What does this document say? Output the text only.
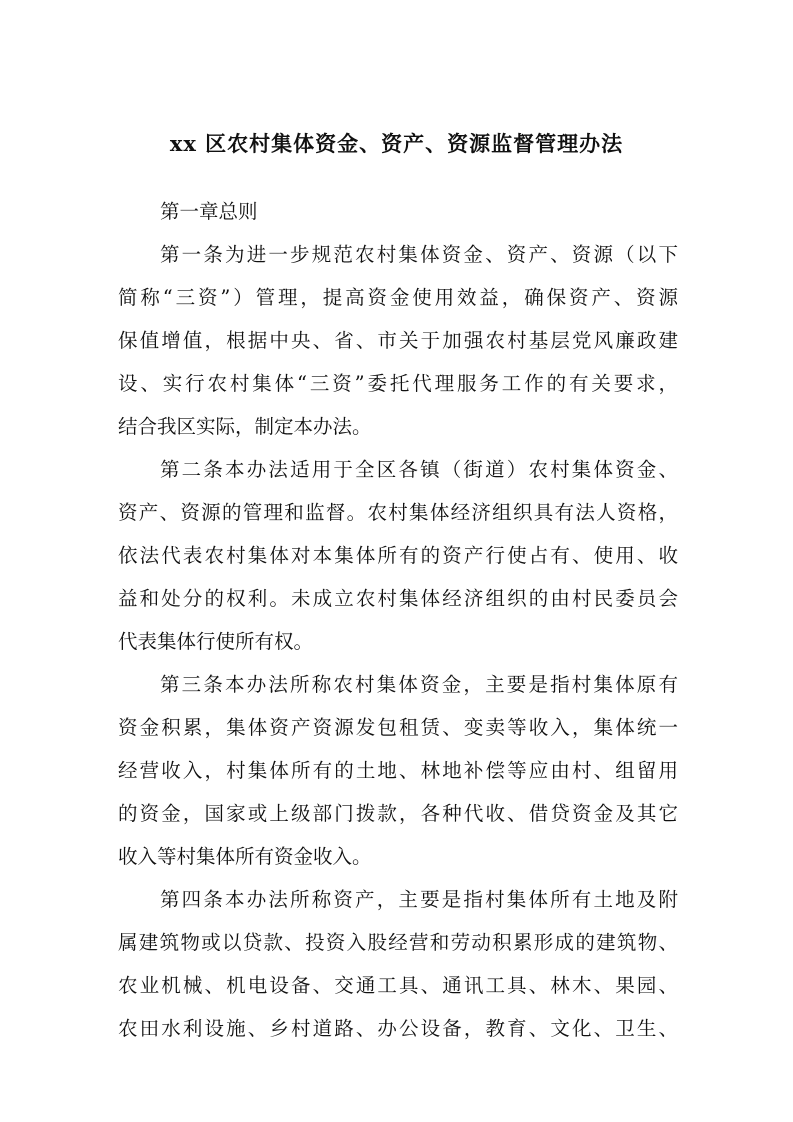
xx 区农村集体资金、资产、资源监督管理办法
第一章总则
第一条为进一步规范农村集体资金、资产、资源（以下
简称“三资”）管理，提高资金使用效益，确保资产、资源
保值增值，根据中央、省、市关于加强农村基层党风廉政建
设、实行农村集体“三资”委托代理服务工作的有关要求，
结合我区实际，制定本办法。
第二条本办法适用于全区各镇（街道）农村集体资金、
资产、资源的管理和监督。农村集体经济组织具有法人资格，
依法代表农村集体对本集体所有的资产行使占有、使用、收
益和处分的权利。未成立农村集体经济组织的由村民委员会
代表集体行使所有权。
第三条本办法所称农村集体资金，主要是指村集体原有
资金积累，集体资产资源发包租赁、变卖等收入，集体统一
经营收入，村集体所有的土地、林地补偿等应由村、组留用
的资金，国家或上级部门拨款，各种代收、借贷资金及其它
收入等村集体所有资金收入。
第四条本办法所称资产，主要是指村集体所有土地及附
属建筑物或以贷款、投资入股经营和劳动积累形成的建筑物、
农业机械、机电设备、交通工具、通讯工具、林木、果园、
农田水利设施、乡村道路、办公设备，教育、文化、卫生、
